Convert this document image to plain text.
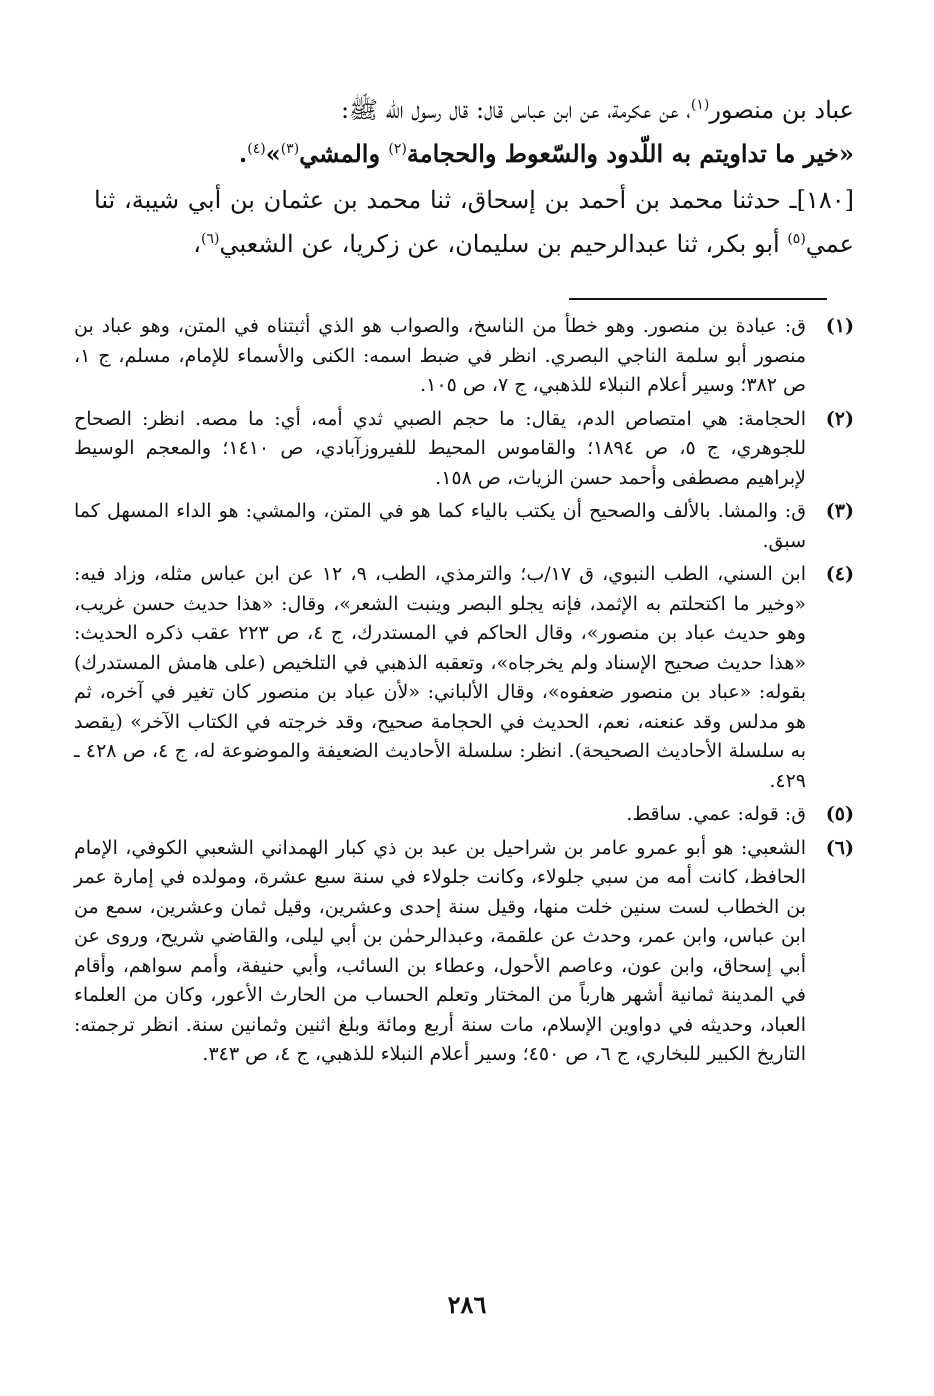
عباد بن منصور$^{(١)}$، عن عكرمة، عن ابن عباس قال: قال رسول الله ﷺ:
«خير ما تداويتم به اللّدود والسّعوط والحجامة$^{(٢)}$ والمشي$^{(٣)}$»$^{(٤)}$.

[١٨٠]ـ حدثنا محمد بن أحمد بن إسحاق، ثنا محمد بن عثمان بن أبي شيبة، ثنا عمي$^{(٥)}$ أبو بكر، ثنا عبدالرحيم بن سليمان، عن زكريا، عن الشعبي$^{(٦)}$،

(١)
ق: عبادة بن منصور. وهو خطأ من الناسخ، والصواب هو الذي أثبتناه في المتن، وهو عباد بن منصور أبو سلمة الناجي البصري. انظر في ضبط اسمه: الكنى والأسماء للإمام، مسلم، ج ١، ص ٣٨٢؛ وسير أعلام النبلاء للذهبي، ج ٧، ص ١٠٥.
(٢)
الحجامة: هي امتصاص الدم، يقال: ما حجم الصبي ثدي أمه، أي: ما مصه. انظر: الصحاح للجوهري، ج ٥، ص ١٨٩٤؛ والقاموس المحيط للفيروزآبادي، ص ١٤١٠؛ والمعجم الوسيط لإبراهيم مصطفى وأحمد حسن الزيات، ص ١٥٨.
(٣)
ق: والمشا. بالألف والصحيح أن يكتب بالياء كما هو في المتن، والمشي: هو الداء المسهل كما سبق.
(٤)
ابن السني، الطب النبوي، ق ١٧/ب؛ والترمذي، الطب، ٩، ١٢ عن ابن عباس مثله، وزاد فيه: «وخير ما اكتحلتم به الإثمد، فإنه يجلو البصر وينبت الشعر»، وقال: «هذا حديث حسن غريب، وهو حديث عباد بن منصور»، وقال الحاكم في المستدرك، ج ٤، ص ٢٢٣ عقب ذكره الحديث: «هذا حديث صحيح الإسناد ولم يخرجاه»، وتعقبه الذهبي في التلخيص (على هامش المستدرك) بقوله: «عباد بن منصور ضعفوه»، وقال الألباني: «لأن عباد بن منصور كان تغير في آخره، ثم هو مدلس وقد عنعنه، نعم، الحديث في الحجامة صحيح، وقد خرجته في الكتاب الآخر» (يقصد به سلسلة الأحاديث الصحيحة). انظر: سلسلة الأحاديث الضعيفة والموضوعة له، ج ٤، ص ٤٢٨ ـ ٤٢٩.
(٥)
ق: قوله: عمي. ساقط.
(٦)
الشعبي: هو أبو عمرو عامر بن شراحيل بن عبد بن ذي كبار الهمداني الشعبي الكوفي، الإمام الحافظ، كانت أمه من سبي جلولاء، وكانت جلولاء في سنة سبع عشرة، ومولده في إمارة عمر بن الخطاب لست سنين خلت منها، وقيل سنة إحدى وعشرين، وقيل ثمان وعشرين، سمع من ابن عباس، وابن عمر، وحدث عن علقمة، وعبدالرحمٰن بن أبي ليلى، والقاضي شريح، وروى عن أبي إسحاق، وابن عون، وعاصم الأحول، وعطاء بن السائب، وأبي حنيفة، وأمم سواهم، وأقام في المدينة ثمانية أشهر هارباً من المختار وتعلم الحساب من الحارث الأعور، وكان من العلماء العباد، وحديثه في دواوين الإسلام، مات سنة أربع ومائة وبلغ اثنين وثمانين سنة. انظر ترجمته: التاريخ الكبير للبخاري، ج ٦، ص ٤٥٠؛ وسير أعلام النبلاء للذهبي، ج ٤، ص ٣٤٣.
٢٨٦
